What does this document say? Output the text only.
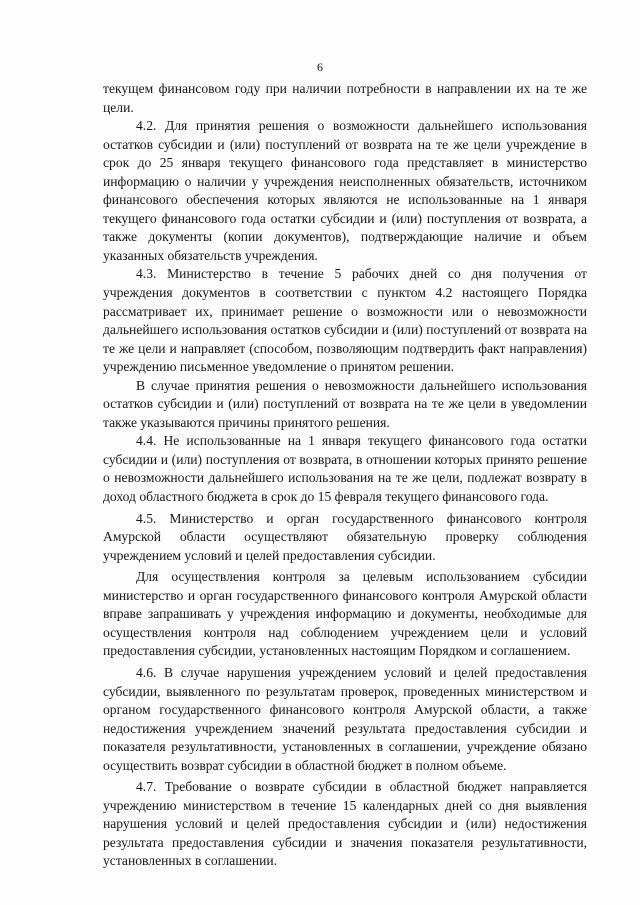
6

текущем финансовом году при наличии потребности в направлении их на те же цели.

4.2. Для принятия решения о возможности дальнейшего использования остатков субсидии и (или) поступлений от возврата на те же цели учреждение в срок до 25 января текущего финансового года представляет в министерство информацию о наличии у учреждения неисполненных обязательств, источником финансового обеспечения которых являются не использованные на 1 января текущего финансового года остатки субсидии и (или) поступления от возврата, а также документы (копии документов), подтверждающие наличие и объем указанных обязательств учреждения.

4.3. Министерство в течение 5 рабочих дней со дня получения от учреждения документов в соответствии с пунктом 4.2 настоящего Порядка рассматривает их, принимает решение о возможности или о невозможности дальнейшего использования остатков субсидии и (или) поступлений от возврата на те же цели и направляет (способом, позволяющим подтвердить факт направления) учреждению письменное уведомление о принятом решении.

В случае принятия решения о невозможности дальнейшего использования остатков субсидии и (или) поступлений от возврата на те же цели в уведомлении также указываются причины принятого решения.

4.4. Не использованные на 1 января текущего финансового года остатки субсидии и (или) поступления от возврата, в отношении которых принято решение о невозможности дальнейшего использования на те же цели, подлежат возврату в доход областного бюджета в срок до 15 февраля текущего финансового года.

4.5. Министерство и орган государственного финансового контроля Амурской области осуществляют обязательную проверку соблюдения учреждением условий и целей предоставления субсидии.

Для осуществления контроля за целевым использованием субсидии министерство и орган государственного финансового контроля Амурской области вправе запрашивать у учреждения информацию и документы, необходимые для осуществления контроля над соблюдением учреждением цели и условий предоставления субсидии, установленных настоящим Порядком и соглашением.

4.6. В случае нарушения учреждением условий и целей предоставления субсидии, выявленного по результатам проверок, проведенных министерством и органом государственного финансового контроля Амурской области, а также недостижения учреждением значений результата предоставления субсидии и показателя результативности, установленных в соглашении, учреждение обязано осуществить возврат субсидии в областной бюджет в полном объеме.

4.7. Требование о возврате субсидии в областной бюджет направляется учреждению министерством в течение 15 календарных дней со дня выявления нарушения условий и целей предоставления субсидии и (или) недостижения результата предоставления субсидии и значения показателя результативности, установленных в соглашении.
